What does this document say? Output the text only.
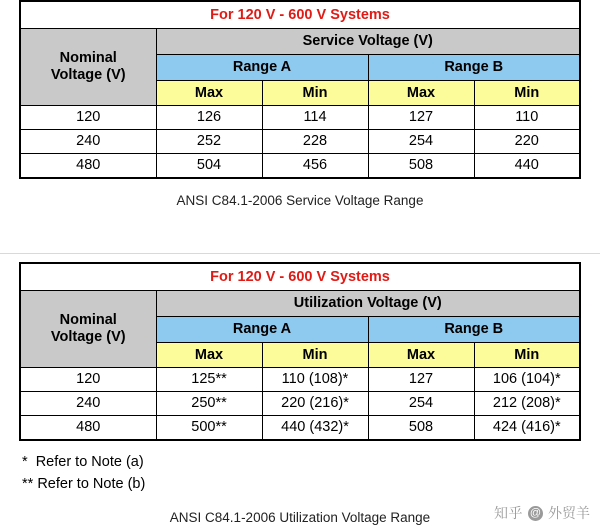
For 120 V - 600 V Systems				

Nominal
Voltage (V)	Service Voltage (V)			
	Range A		Range B	
	Max	Min	Max	Min
120	126	114	127	110
240	252	228	254	220
480	504	456	508	440
ANSI C84.1-2006 Service Voltage Range
For 120 V - 600 V Systems				

Nominal
Voltage (V)	Utilization Voltage (V)			
	Range A		Range B	
	Max	Min	Max	Min
120	125**	110 (108)*	127	106 (104)*
240	250**	220 (216)*	254	212 (208)*
480	500**	440 (432)*	508	424 (416)*
*  Refer to Note (a)
** Refer to Note (b)
ANSI C84.1-2006 Utilization Voltage Range	知乎 @ 外贸羊
